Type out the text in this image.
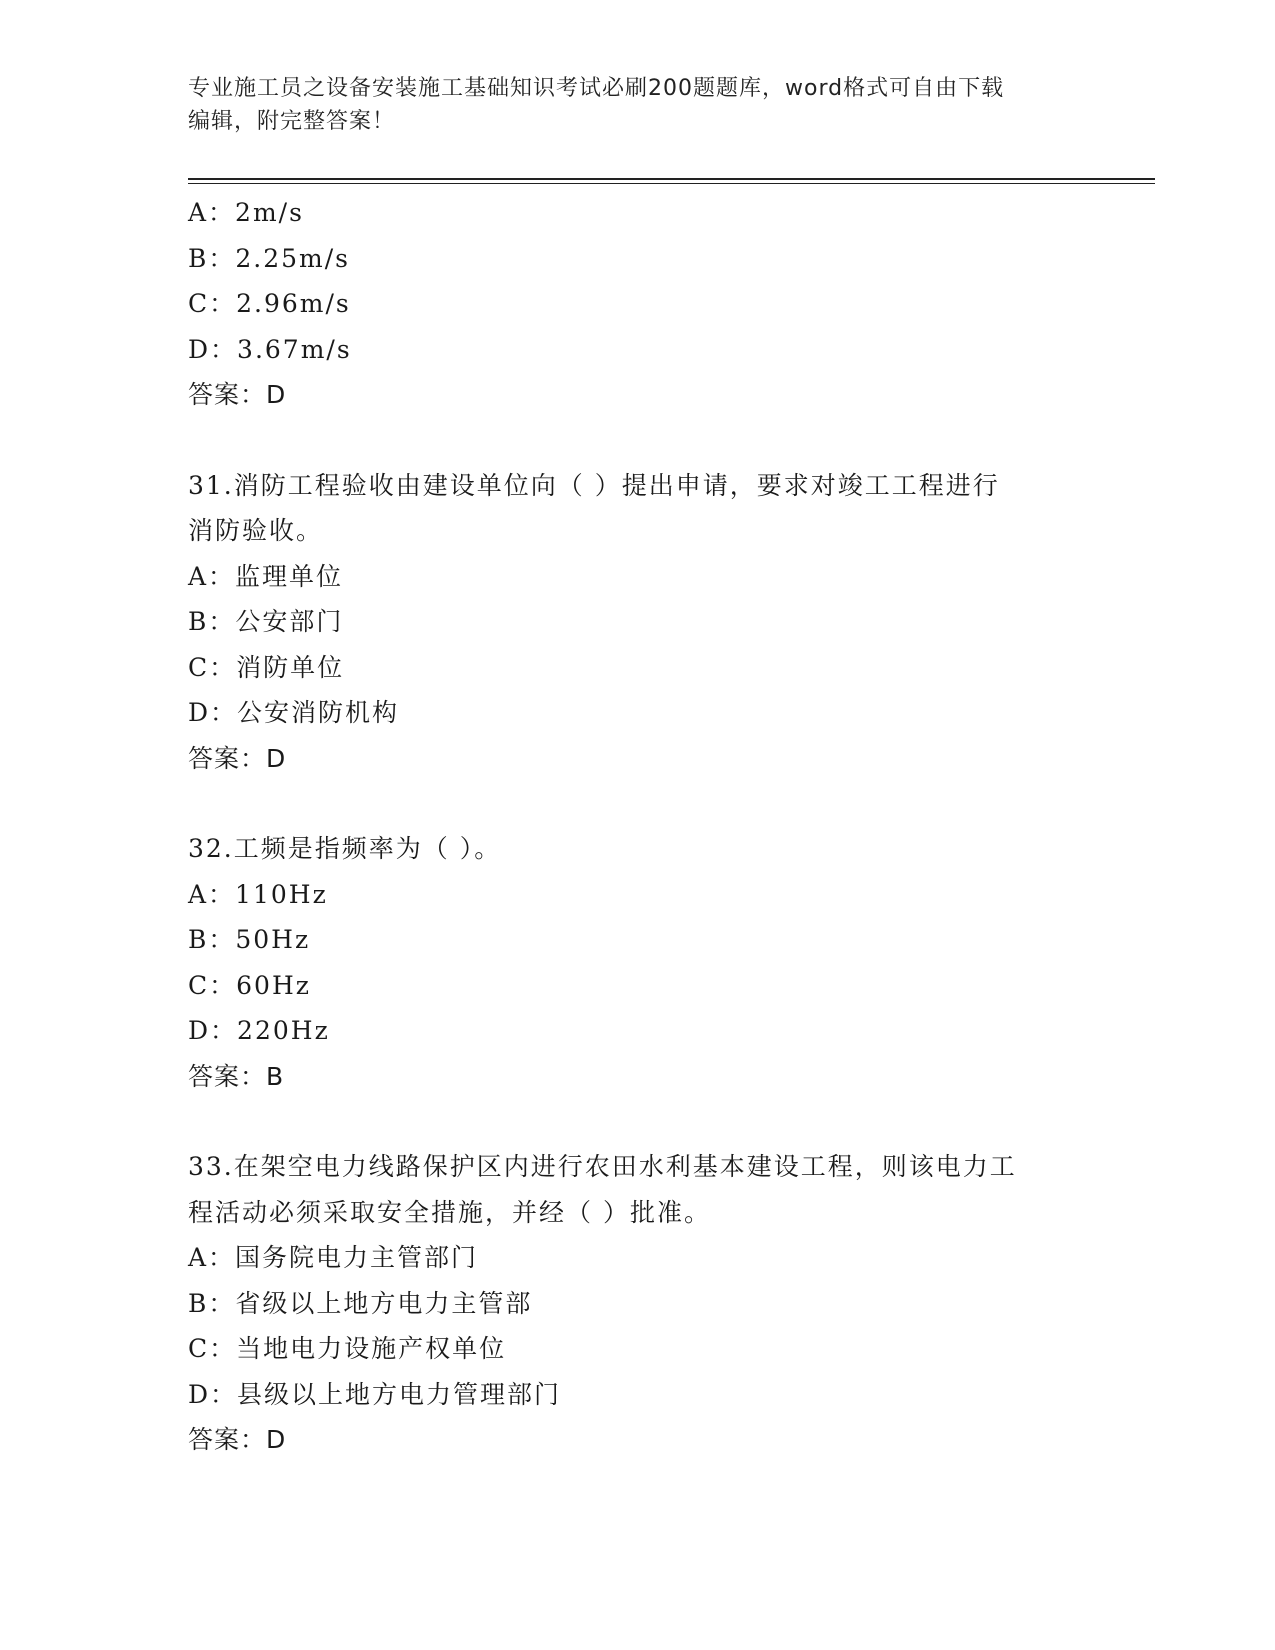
专业施工员之设备安装施工基础知识考试必刷200题题库，word格式可自由下载
编辑，附完整答案！
A：2m/s
B：2.25m/s
C：2.96m/s
D：3.67m/s
答案：D
31.消防工程验收由建设单位向（ ）提出申请，要求对竣工工程进行
消防验收。
A：监理单位
B：公安部门
C：消防单位
D：公安消防机构
答案：D
32.工频是指频率为（ ）。
A：110Hz
B：50Hz
C：60Hz
D：220Hz
答案：B
33.在架空电力线路保护区内进行农田水利基本建设工程，则该电力工
程活动必须采取安全措施，并经（ ）批准。
A：国务院电力主管部门
B：省级以上地方电力主管部
C：当地电力设施产权单位
D：县级以上地方电力管理部门
答案：D
